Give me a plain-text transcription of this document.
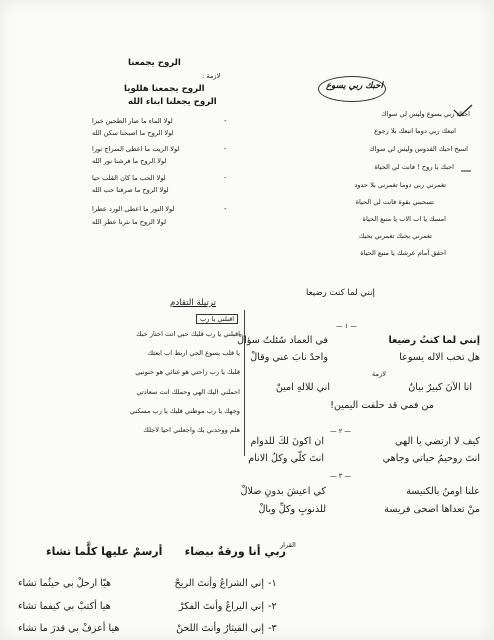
احبك ربي يسوع
احبك ربي يسوع وليس لي سواك
اتبعك ربي دوما اتبعك بلا رجوع
اسبح احبك القدوس وليس لي سواك
احبك يا روح ! فانت لي الحياة
تغمرني ربي دوما تغمرني بلا حدود
تسحبني بقوة فانت لي الحياة
امسك يا اب الاب يا منبع الحياة
تغمرني بحبك تغمرني بحبك
احقق أمام عرشك يا منبع الحياة
الروح يجمعنا
لازمة :
الروح يجمعنا هللويا
الروح يجعلنا ابناء الله
لولا الماء ما صار الطحين خبزا
لولا الروح ما اصبحنا سكن الله
لولا الزيت ما اعطى السراج نورا
لولا الروح ما فرشنا نور الله
لولا الحب ما كان القلب حيا
لولا الروح ما صرفنا حب الله
لولا النور ما اعطى الورد عطرا
لولا الروح ما نثرنا عطر الله
-
-
-
-
ترتيلة التقادم
اقبلني يا رب
اقبلني يا رب قلبك حبي انت اختار حبك
يا قلب يسوع الحي اربط اب ابعثك
قلبك يا رب راحتي هو غنائي هو حنونيي
احملني اليك الهي وحملك انت سعادتي
وجهك يا رب موطني قلبك يا رب مسكني
هلم ووحدني بك واجعلني احيا لاجلك
إنني لما كنت رضيعا
— ١ —
إنني لما كنتُ رضيعا
في العماد سُئلتُ سؤالْ
هل تحب الاله يسوعا
واحدٌ نابَ عني وقالْ
لازمة
انا الآنَ كبيرٌ بيانٌ
اني للالهِ امينْ
من فمي قد حلفت اليمين!
كيف لا ارتضي يا الهي
ان اكونَ لكَ للدوام
انتَ روحيمُ حياتي وجاهي
انتَ كلّي وكلُ الانام
— ٢ —
— ٣ —
علنا اومنُ بالكنيسة
كي اعيشَ بدونِ ضلالْ
منْ تعداها اضحى فريسة
للذنوبِ وكلِّ وبالْ
القرار
ربي أنا ورقةٌ بيضاء
أرسمْ عليها كلَّما تشاء
١-
إني الشراعُ وأنتَ الريحْ
هيّا ارحلْ بي حيثُما تشاء
٢-
إني اليراعُ وأنتَ الفكرْ
هيا أكتبْ بي كيفما تشاء
٣-
إني القيثارُ وأنتَ اللحنْ
هيا أعزفْ بي قدرَ ما تشاء
